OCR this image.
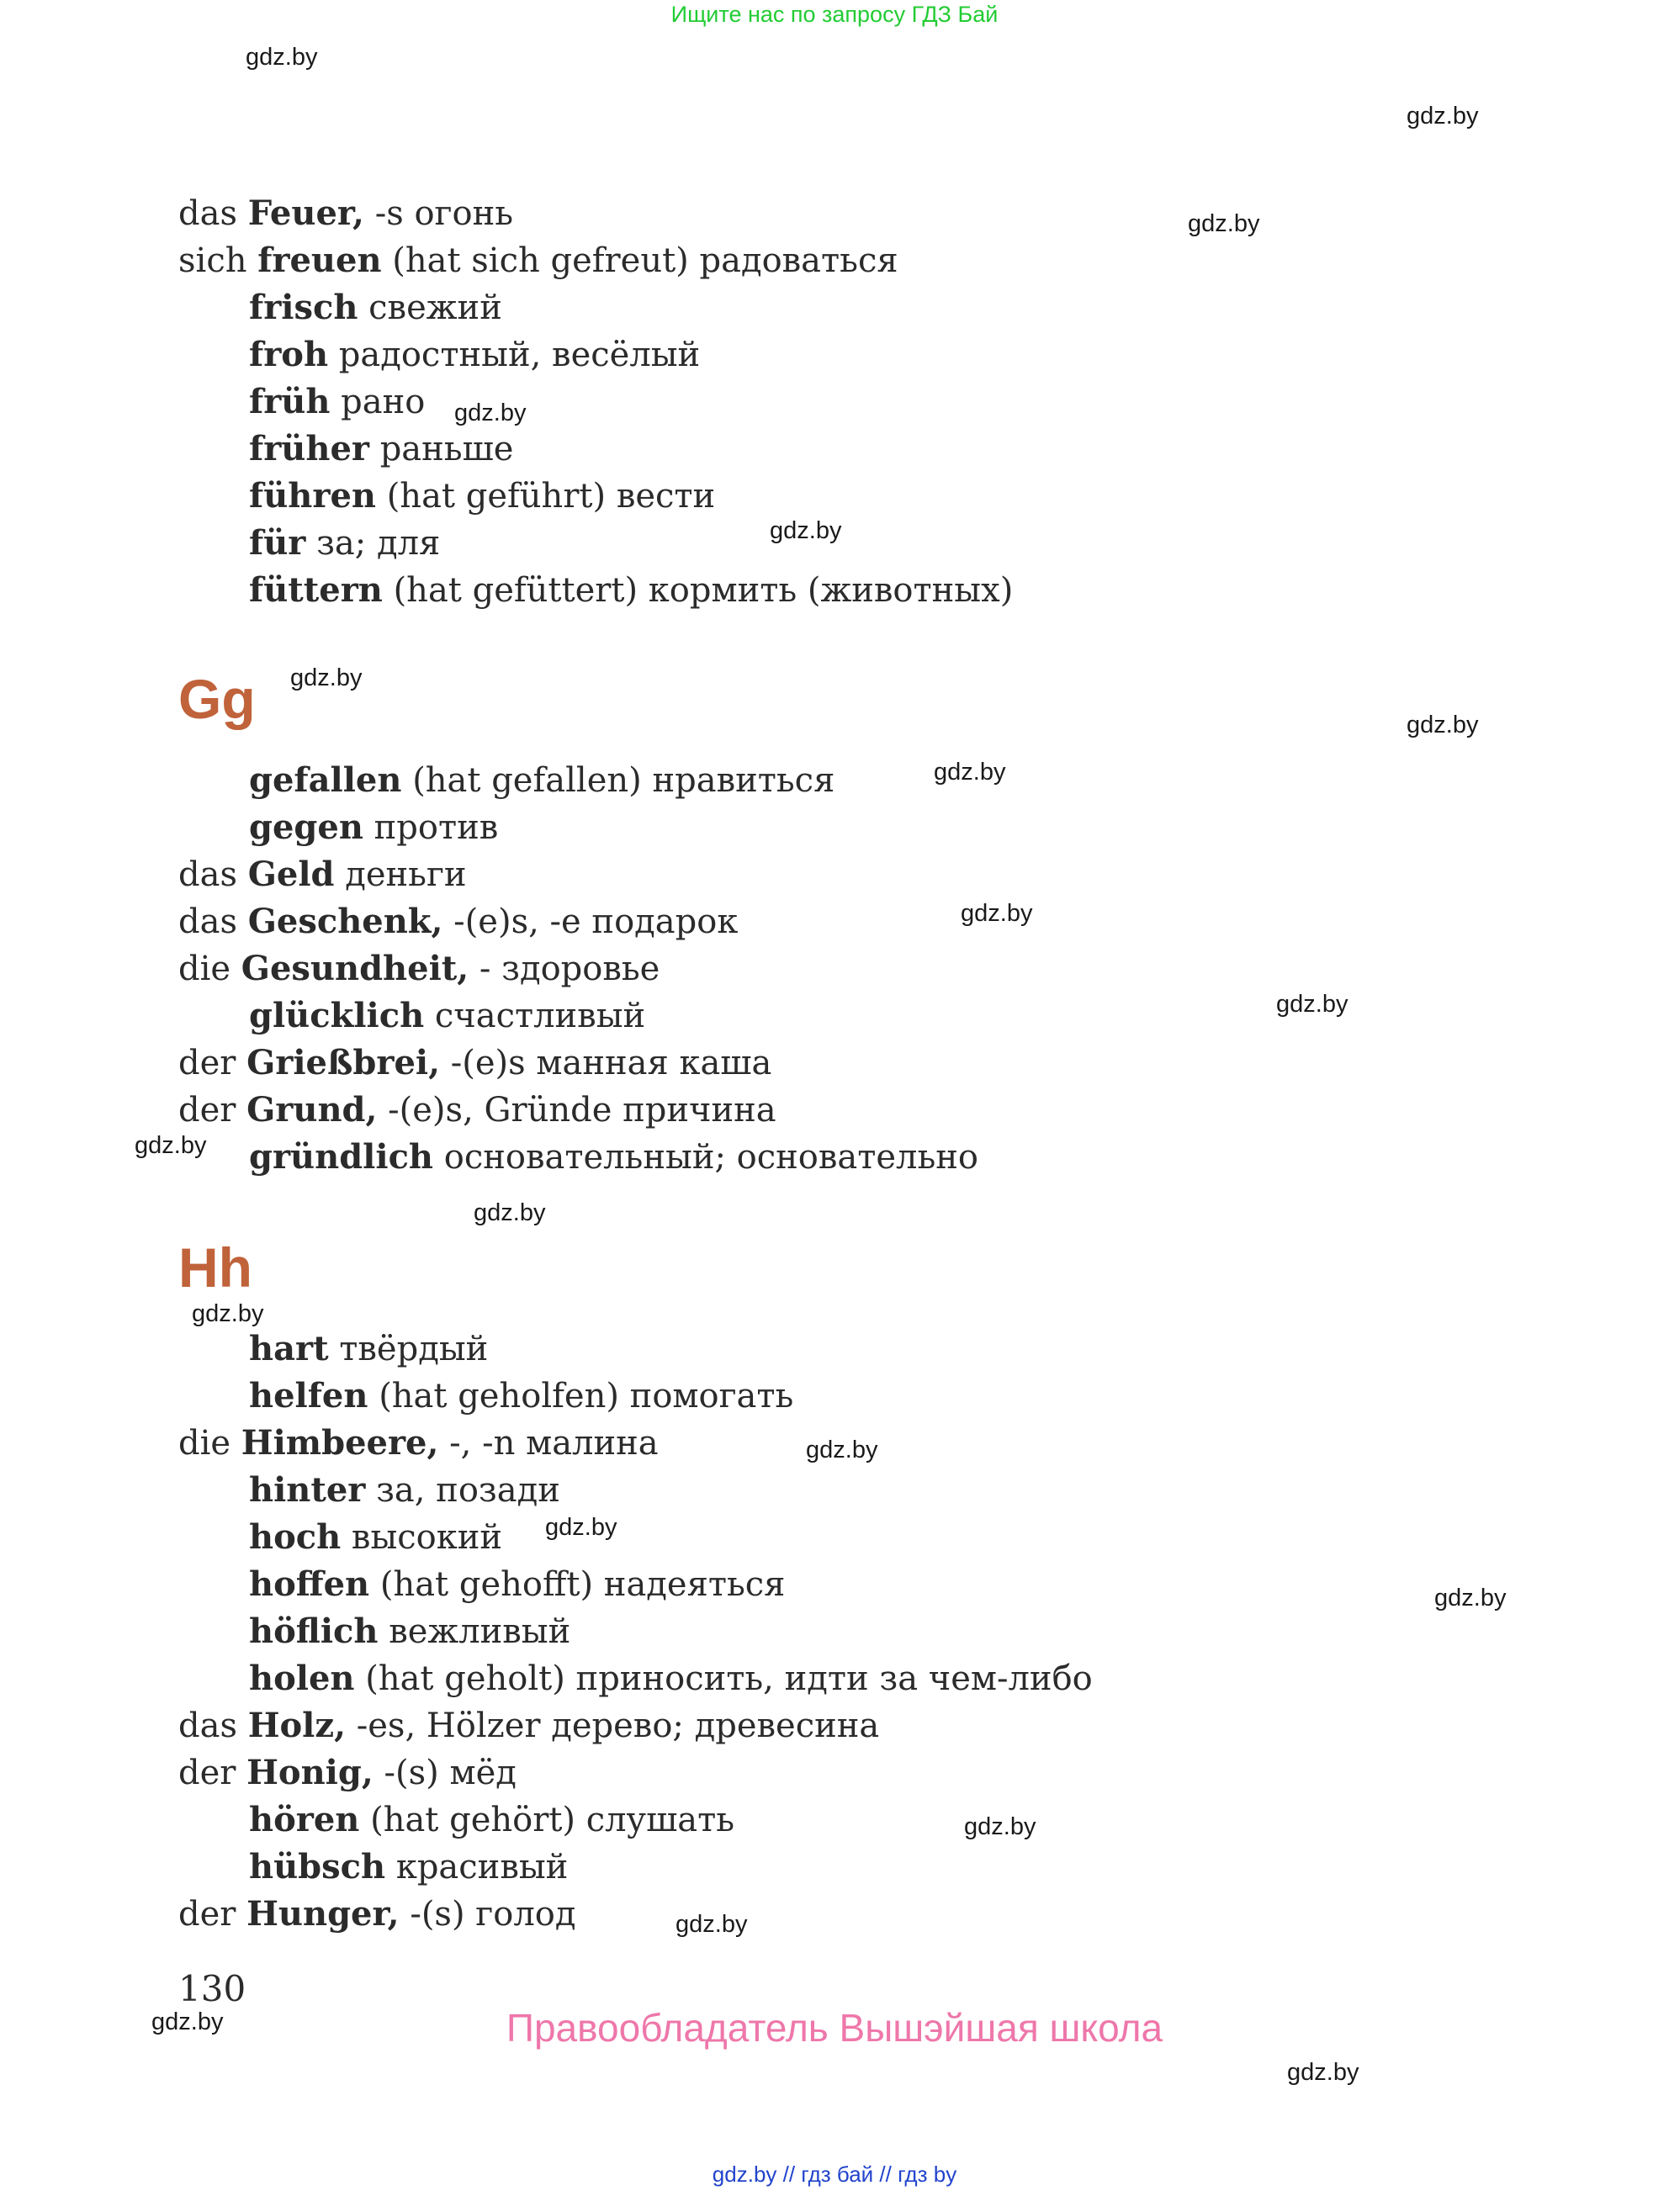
Ищите нас по запросу ГДЗ Бай
gdz.by
gdz.by
gdz.by
gdz.by
gdz.by
gdz.by
gdz.by
gdz.by
gdz.by
gdz.by
gdz.by
gdz.by
gdz.by
gdz.by
gdz.by
gdz.by
gdz.by
gdz.by
gdz.by
gdz.by
das Feuer, -s огонь
sich freuen (hat sich gefreut) радоваться
frisch свежий
froh радостный, весёлый
früh рано
früher раньше
führen (hat geführt) вести
für за; для
füttern (hat gefüttert) кормить (животных)
Gg
gefallen (hat gefallen) нравиться
gegen против
das Geld деньги
das Geschenk, -(e)s, -e подарок
die Gesundheit, - здоровье
glücklich счастливый
der Grießbrei, -(e)s манная каша
der Grund, -(e)s, Gründe причина
gründlich основательный; основательно
Hh
hart твёрдый
helfen (hat geholfen) помогать
die Himbeere, -, -n малина
hinter за, позади
hoch высокий
hoffen (hat gehofft) надеяться
höflich вежливый
holen (hat geholt) приносить, идти за чем-либо
das Holz, -es, Hölzer дерево; древесина
der Honig, -(s) мёд
hören (hat gehört) слушать
hübsch красивый
der Hunger, -(s) голод
130
Правообладатель Вышэйшая школа
gdz.by // гдз бай // гдз by
